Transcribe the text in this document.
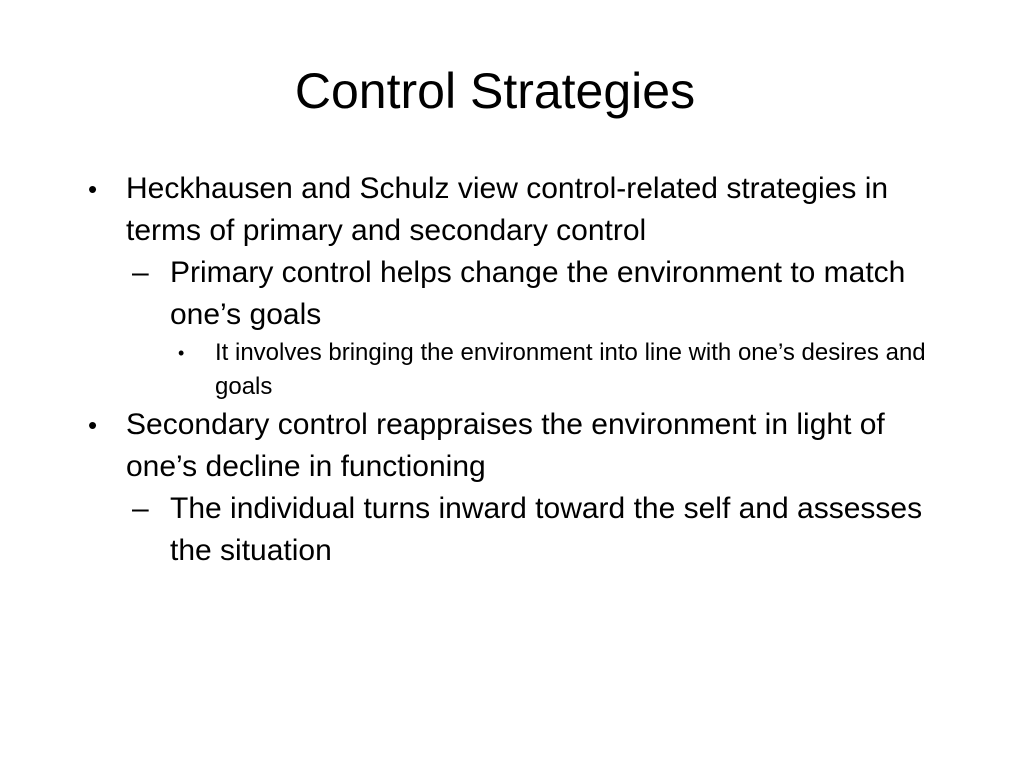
Control Strategies
• Heckhausen and Schulz view control-related strategies in terms of primary and secondary control
– Primary control helps change the environment to match one’s goals
• It involves bringing the environment into line with one’s desires and goals
• Secondary control reappraises the environment in light of one’s decline in functioning
– The individual turns inward toward the self and assesses the situation
